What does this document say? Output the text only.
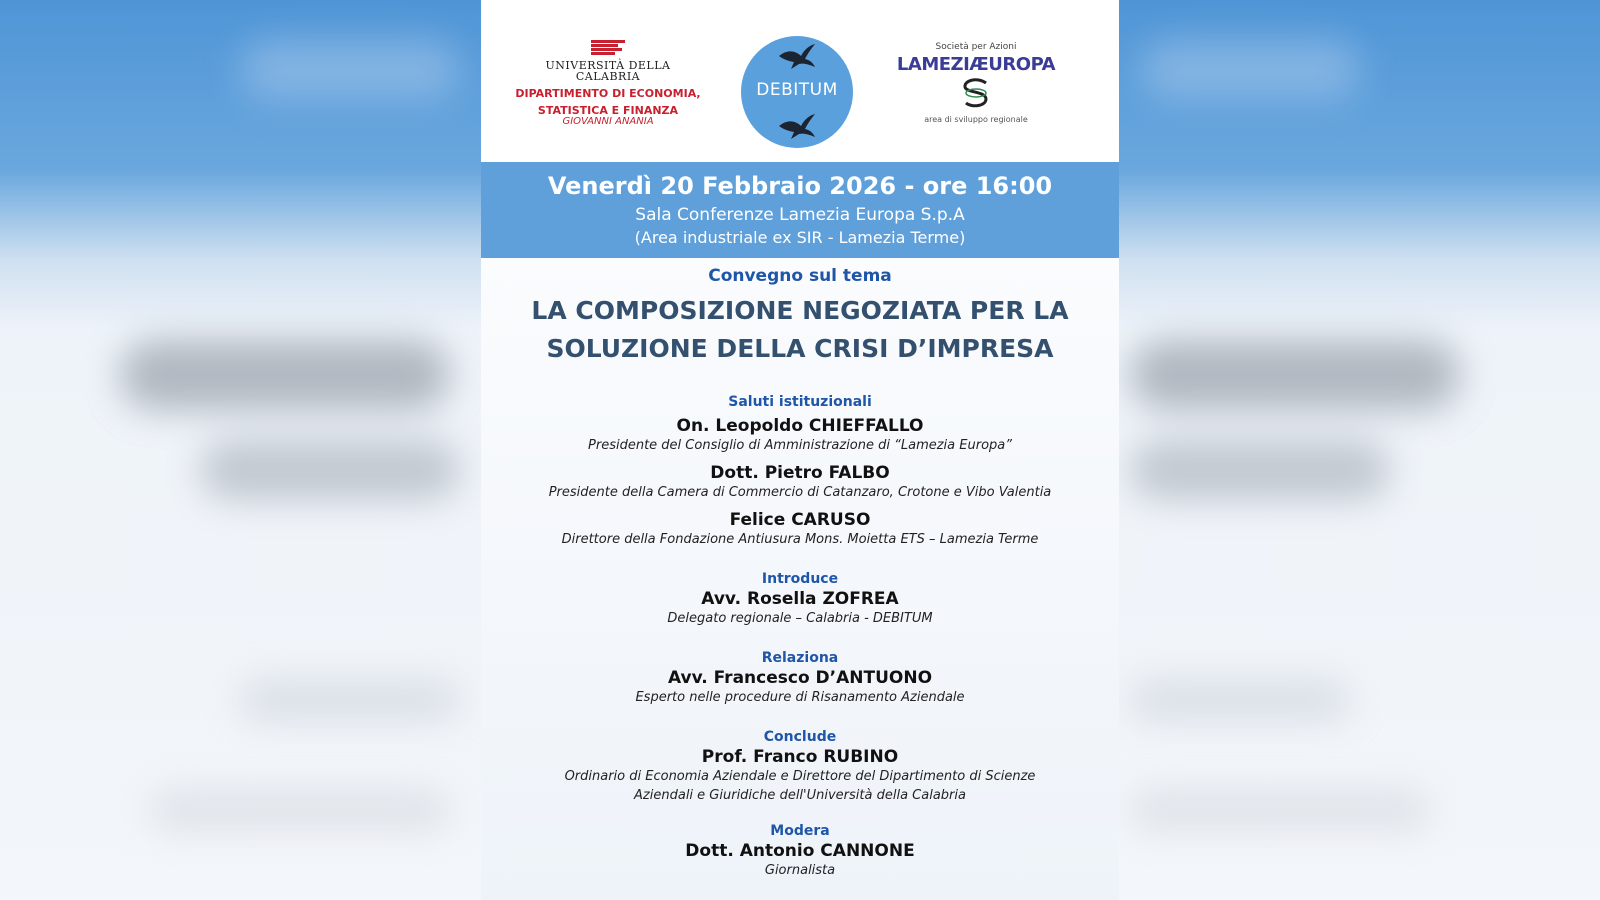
UNIVERSITÀ DELLA
CALABRIA
DIPARTIMENTO DI ECONOMIA,
STATISTICA E FINANZA
GIOVANNI ANANIA
DEBITUM
Società per Azioni
LAMEZIÆUROPA
area di sviluppo regionale
Venerdì 20 Febbraio 2026 - ore 16:00
Sala Conferenze Lamezia Europa S.p.A
(Area industriale ex SIR - Lamezia Terme)
Convegno sul tema
LA COMPOSIZIONE NEGOZIATA PER LA
SOLUZIONE DELLA CRISI D’IMPRESA
Saluti istituzionali
On. Leopoldo CHIEFFALLO
Presidente del Consiglio di Amministrazione di “Lamezia Europa”
Dott. Pietro FALBO
Presidente della Camera di Commercio di Catanzaro, Crotone e Vibo Valentia
Felice CARUSO
Direttore della Fondazione Antiusura Mons. Moietta ETS – Lamezia Terme
Introduce
Avv. Rosella ZOFREA
Delegato regionale – Calabria - DEBITUM
Relaziona
Avv. Francesco D’ANTUONO
Esperto nelle procedure di Risanamento Aziendale
Conclude
Prof. Franco RUBINO
Ordinario di Economia Aziendale e Direttore del Dipartimento di Scienze
Aziendali e Giuridiche dell'Università della Calabria
Modera
Dott. Antonio CANNONE
Giornalista
